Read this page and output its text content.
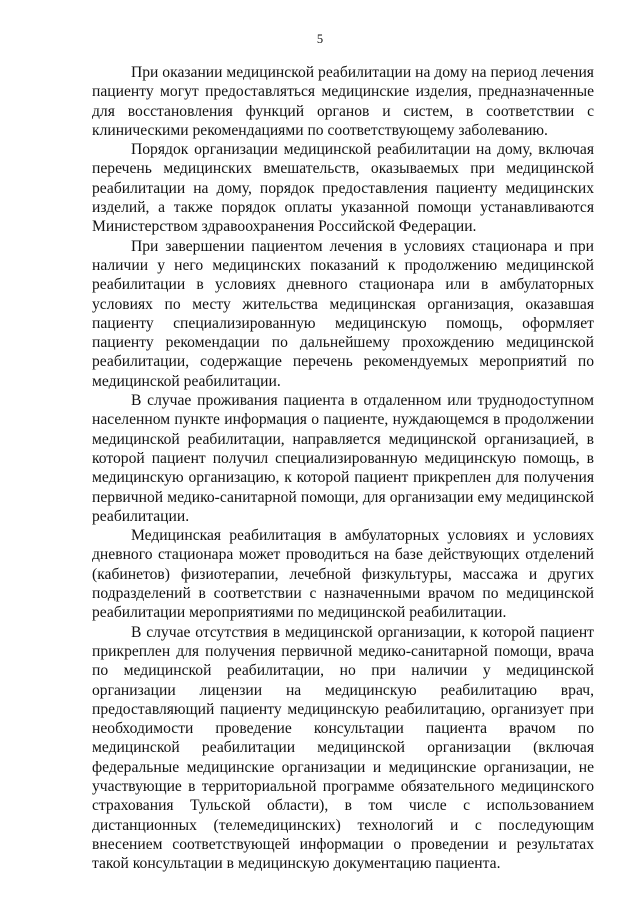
5

При оказании медицинской реабилитации на дому на период лечения пациенту могут предоставляться медицинские изделия, предназначенные для восстановления функций органов и систем, в соответствии с клиническими рекомендациями по соответствующему заболеванию.

Порядок организации медицинской реабилитации на дому, включая перечень медицинских вмешательств, оказываемых при медицинской реабилитации на дому, порядок предоставления пациенту медицинских изделий, а также порядок оплаты указанной помощи устанавливаются Министерством здравоохранения Российской Федерации.

При завершении пациентом лечения в условиях стационара и при наличии у него медицинских показаний к продолжению медицинской реабилитации в условиях дневного стационара или в амбулаторных условиях по месту жительства медицинская организация, оказавшая пациенту специализированную медицинскую помощь, оформляет пациенту рекомендации по дальнейшему прохождению медицинской реабилитации, содержащие перечень рекомендуемых мероприятий по медицинской реабилитации.

В случае проживания пациента в отдаленном или труднодоступном населенном пункте информация о пациенте, нуждающемся в продолжении медицинской реабилитации, направляется медицинской организацией, в которой пациент получил специализированную медицинскую помощь, в медицинскую организацию, к которой пациент прикреплен для получения первичной медико-санитарной помощи, для организации ему медицинской реабилитации.

Медицинская реабилитация в амбулаторных условиях и условиях дневного стационара может проводиться на базе действующих отделений (кабинетов) физиотерапии, лечебной физкультуры, массажа и других подразделений в соответствии с назначенными врачом по медицинской реабилитации мероприятиями по медицинской реабилитации.

В случае отсутствия в медицинской организации, к которой пациент прикреплен для получения первичной медико-санитарной помощи, врача по медицинской реабилитации, но при наличии у медицинской организации лицензии на медицинскую реабилитацию врач, предоставляющий пациенту медицинскую реабилитацию, организует при необходимости проведение консультации пациента врачом по медицинской реабилитации медицинской организации (включая федеральные медицинские организации и медицинские организации, не участвующие в территориальной программе обязательного медицинского страхования Тульской области), в том числе с использованием дистанционных (телемедицинских) технологий и с последующим внесением соответствующей информации о проведении и результатах такой консультации в медицинскую документацию пациента.
